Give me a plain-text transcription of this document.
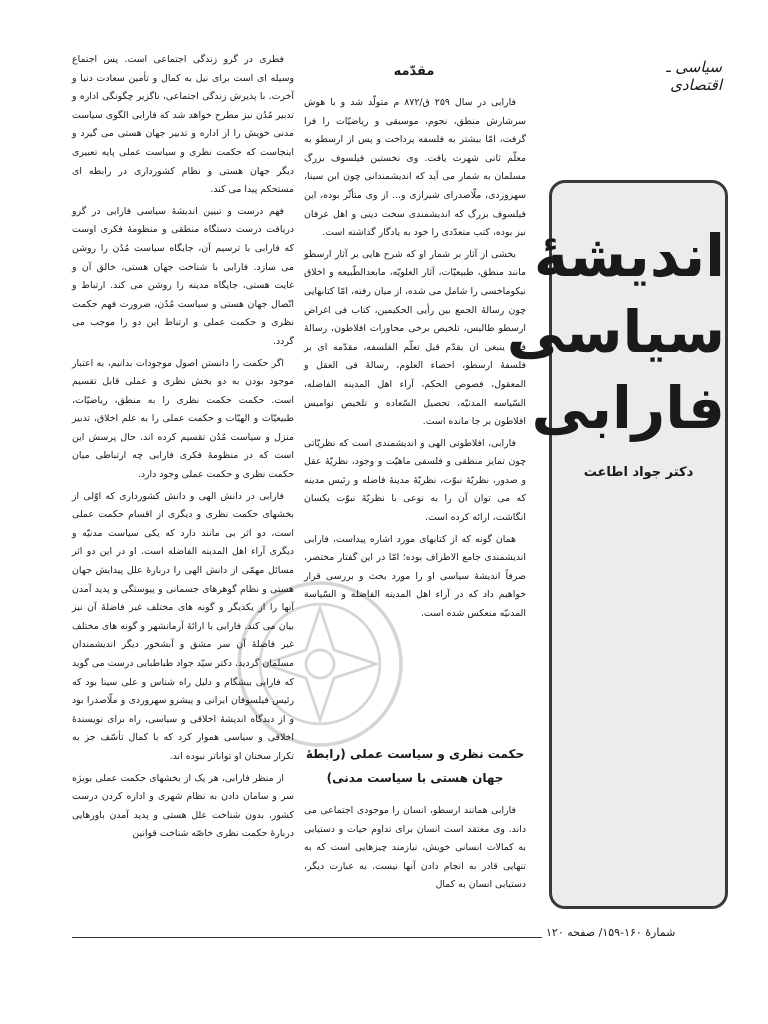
سیاسی ـ اقتصادی
مقدّمه

فارابی در سال ۲۵۹ ق/۸۷۲ م متولّد شد و با هوش سرشارش منطق، نجوم، موسیقی و ریاضیّات را فرا گرفت، امّا بیشتر به فلسفه پرداخت و پس از ارسطو به معلّم ثانی شهرت یافت. وی نخستین فیلسوف بزرگ مسلمان به شمار می آید که اندیشمندانی چون ابن سینا، سهروردی، ملّاصدرای شیرازی و... از وی متأثّر بوده، این فیلسوف بزرگ که اندیشمندی سخت دینی و اهل عرفان نیز بوده، کتب متعدّدی را خود به یادگار گذاشته است.

بخشی از آثار بر شمار او که شرح هایی بر آثار ارسطو مانند منطق، طبیعیّات، آثار العلویّه، مابعدالطّبیعه و اخلاق نیکوماخسی را شامل می شده، از میان رفته، امّا کتابهایی چون رسالهٔ الجمع بین رأیی الحکیمین، کتاب فی اغراض ارسطو طالیس، تلخیص برخی محاورات افلاطون، رسالهٔ فیما ینبغی ان یقدّم قبل تعلّم الفلسفه، مقدّمه ای بر فلسفهٔ ارسطو، احصاء العلوم، رسالهٔ فی العقل و المعقول، فصوص الحکم، آراء اهل المدینه الفاضله، السّیاسه المدنیّه، تحصیل السّعاده و تلخیص نوامیس افلاطون بر جا مانده است.

فارابی، افلاطونی الهی و اندیشمندی است که نظریّاتی چون تمایز منطقی و فلسفی ماهیّت و وجود، نظریّهٔ عقل و صدور، نظریّهٔ نبوّت، نظریّهٔ مدینهٔ فاضله و رئیس مدینه که می توان آن را به نوعی با نظریّهٔ نبوّت یکسان انگاشت، ارائه کرده است.

همان گونه که از کتابهای مورد اشاره پیداست، فارابی اندیشمندی جامع الاطراف بوده؛ امّا در این گفتار مختصر، صرفاً اندیشهٔ سیاسی او را مورد بحث و بررسی قرار خواهیم داد که در آراء اهل المدینه الفاضله و السّیاسة المدنیّه منعکس شده است.

حکمت نظری و سیاست عملی (رابطهٔ
جهان هستی با سیاست مدنی)

فارابی همانند ارسطو، انسان را موجودی اجتماعی می داند. وی معتقد است انسان برای تداوم حیات و دستیابی به کمالات انسانی خویش، نیازمند چیزهایی است که به تنهایی قادر به انجام دادن آنها نیست. به عبارت دیگر، دستیابی انسان به کمال

فطری در گرو زندگی اجتماعی است. پس اجتماع وسیله ای است برای نیل به کمال و تأمین سعادت دنیا و آخرت. با پذیرش زندگی اجتماعی، ناگزیر چگونگی اداره و تدبیر مُدُن نیز مطرح خواهد شد که فارابی الگوی سیاست مدنی خویش را از اداره و تدبیر جهان هستی می گیرد و اینجاست که حکمت نظری و سیاست عملی پایه تعبیری دیگر جهان هستی و نظام کشورداری در رابطه ای مستحکم پیدا می کند.

فهم درست و تبیین اندیشهٔ سیاسی فارابی در گرو دریافت درست دستگاه منطقی و منظومهٔ فکری اوست که فارابی با ترسیم آن، جایگاه سیاست مُدُن را روشن می سازد. فارابی با شناخت جهان هستی، خالق آن و غایت هستی، جایگاه مدینه را روشن می کند. ارتباط و اتّصال جهان هستی و سیاست مُدُن، ضرورت فهم حکمت نظری و حکمت عملی و ارتباط این دو را موجب می گردد.

اگر حکمت را دانستن اصول موجودات بدانیم، به اعتبار موجود بودن به دو بخش نظری و عملی قابل تقسیم است. حکمت حکمت نظری را به منطق، ریاضیّات، طبیعیّات و الهیّات و حکمت عملی را به علم اخلاق، تدبیر منزل و سیاست مُدُن تقسیم کرده اند. حال پرسش این است که در منظومهٔ فکری فارابی چه ارتباطی میان حکمت نظری و حکمت عملی وجود دارد.

فارابی در دانش الهی و دانش کشورداری که اوّلی از بخشهای حکمت نظری و دیگری از اقسام حکمت عملی است، دو اثر بی مانند دارد که یکی سیاست مدنیّه و دیگری آراء اهل المدینه الفاضله است. او در این دو اثر مسائل مهمّی از دانش الهی را دربارهٔ علل پیدایش جهان هستی و نظام گوهرهای جسمانی و پیوستگی و پدید آمدن آنها را از یکدیگر و گونه های مختلف غیر فاضلهٔ آن نیز بیان می کند. فارابی با ارائهٔ آرمانشهر و گونه های مختلف غیر فاضلهٔ آن سر مشق و آبشخور دیگر اندیشمندان مسلمان گردید. دکتر سیّد جواد طباطبایی درست می گوید که فارابی بیشگام و دلیل راه شناس و علی سینا بود که رئیس فیلسوفان ایرانی و پیشرو سهروردی و ملّاصدرا بود و از دیدگاه اندیشهٔ اخلاقی و سیاسی، راه برای نویسندهٔ اخلاقی و سیاسی هموار کرد که با کمال تأسّف جز به تکرار سخنان او تواناتر نبوده اند.

از منظر فارابی، هر یک از بخشهای حکمت عملی بویژه سر و سامان دادن به نظام شهری و اداره کردن درست کشور، بدون شناخت علل هستی و پدید آمدن باورهایی دربارهٔ حکمت نظری خاصّه شناخت قوانین

اندیشهٔ
سیاسی
فارابی
دکتر جواد اطاعت
شمارهٔ ۱۶۰-۱۵۹/ صفحه ۱۲۰
